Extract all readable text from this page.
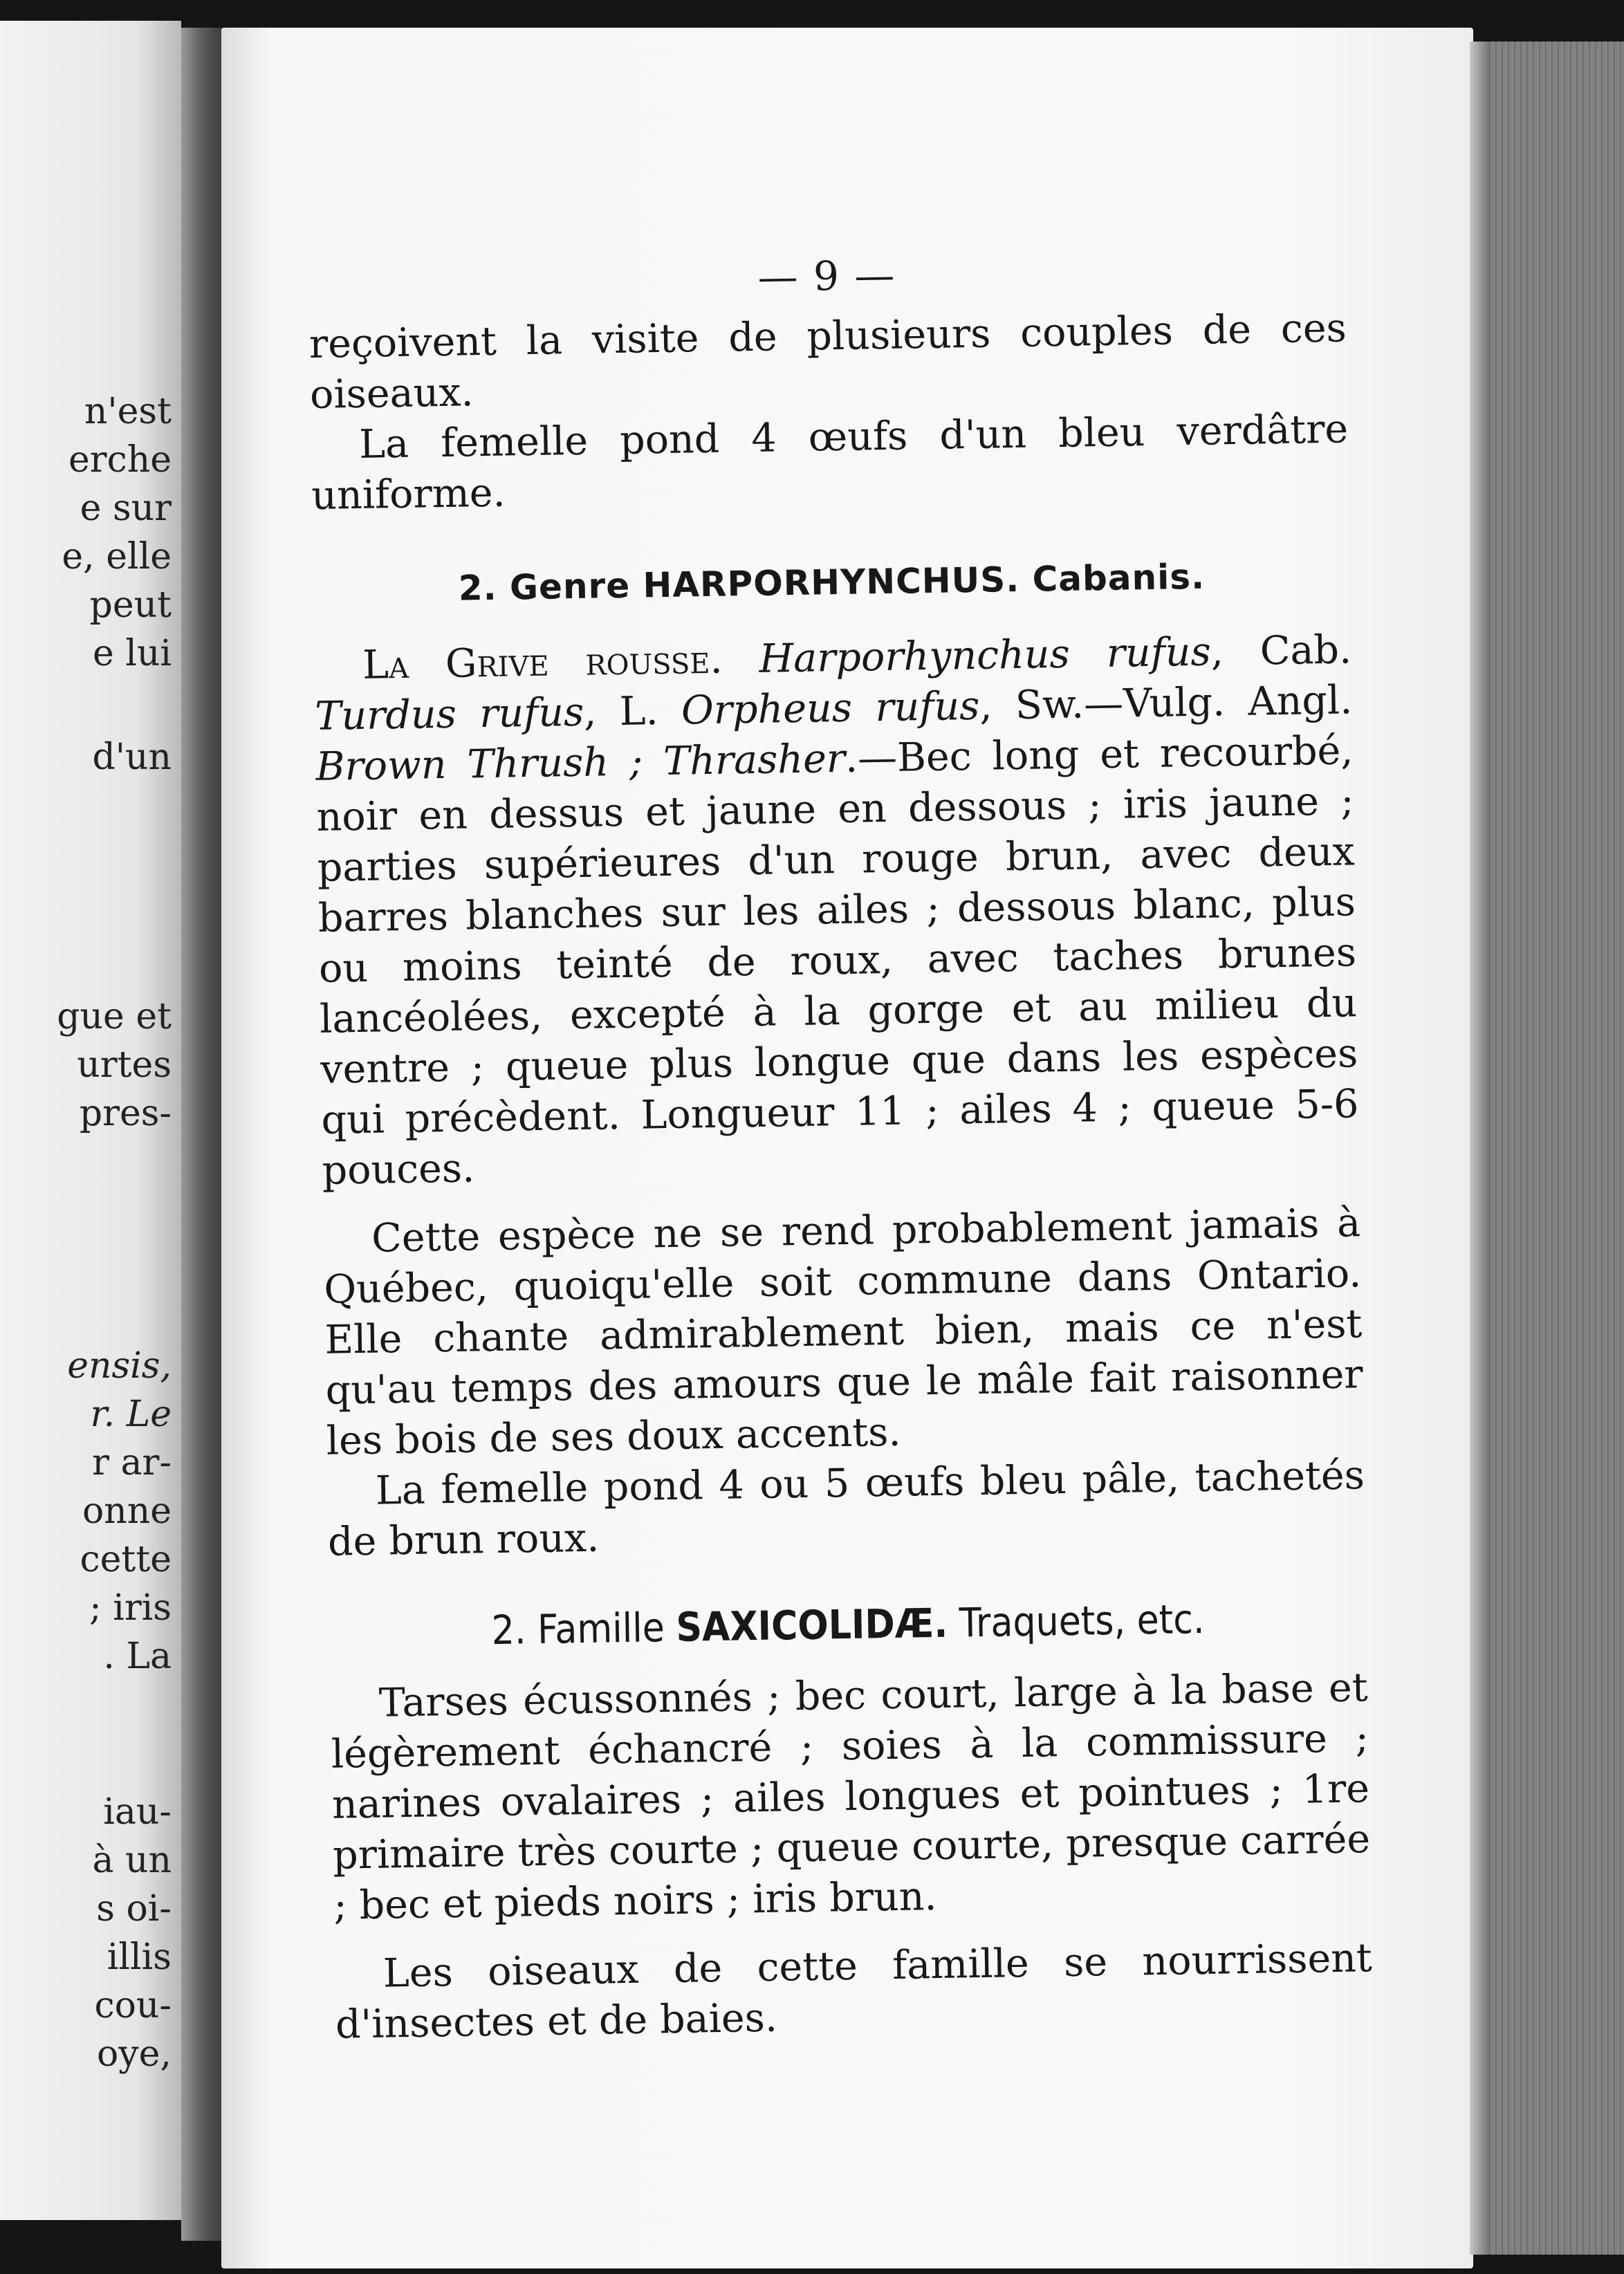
n'est
erche
e sur
e, elle
peut
e lui
d'un
gue et
urtes
pres-
ensis,
r. Le
r ar-
onne
cette
; iris
. La
iau-
à un
s oi-
illis
cou-
oye,
— 9 —

reçoivent la visite de plusieurs couples de ces oiseaux.

La femelle pond 4 œufs d'un bleu verdâtre uniforme.

2. Genre HARPORHYNCHUS. Cabanis.

La Grive rousse. Harporhynchus rufus, Cab. Turdus rufus, L. Orpheus rufus, Sw.—Vulg. Angl. Brown Thrush ; Thrasher.—Bec long et recourbé, noir en dessus et jaune en dessous ; iris jaune ; parties supérieures d'un rouge brun, avec deux barres blanches sur les ailes ; dessous blanc, plus ou moins teinté de roux, avec taches brunes lancéolées, excepté à la gorge et au milieu du ventre ; queue plus longue que dans les espèces qui précèdent. Longueur 11 ; ailes 4 ; queue 5-6 pouces.

Cette espèce ne se rend probablement jamais à Québec, quoiqu'elle soit commune dans Ontario. Elle chante admirablement bien, mais ce n'est qu'au temps des amours que le mâle fait raisonner les bois de ses doux accents.

La femelle pond 4 ou 5 œufs bleu pâle, tachetés de brun roux.

2. Famille SAXICOLIDÆ. Traquets, etc.

Tarses écussonnés ; bec court, large à la base et légèrement échancré ; soies à la commissure ; narines ovalaires ; ailes longues et pointues ; 1re primaire très courte ; queue courte, presque carrée ; bec et pieds noirs ; iris brun.

Les oiseaux de cette famille se nourrissent d'insectes et de baies.
